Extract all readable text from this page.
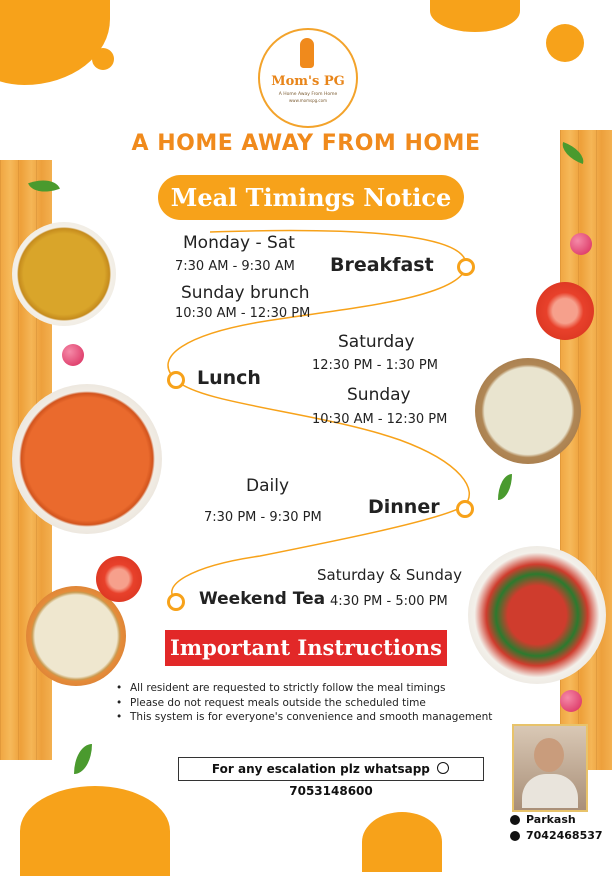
Mom's PG
A Home Away From Home
www.momspg.com
A HOME AWAY FROM HOME
Meal Timings Notice
Monday - Sat
7:30 AM - 9:30 AM
Sunday brunch
10:30 AM - 12:30 PM
Breakfast
Lunch
Saturday
12:30 PM - 1:30 PM
Sunday
10:30 AM - 12:30 PM
Daily
7:30 PM - 9:30 PM Dinner
Weekend Tea
Saturday & Sunday
4:30 PM - 5:00 PM
Important Instructions
• All resident are requested to strictly follow the meal timings
• Please do not request meals outside the scheduled time
• This system is for everyone's convenience and smooth management
For any escalation plz whatsapp  7053148600
Parkash
7042468537
